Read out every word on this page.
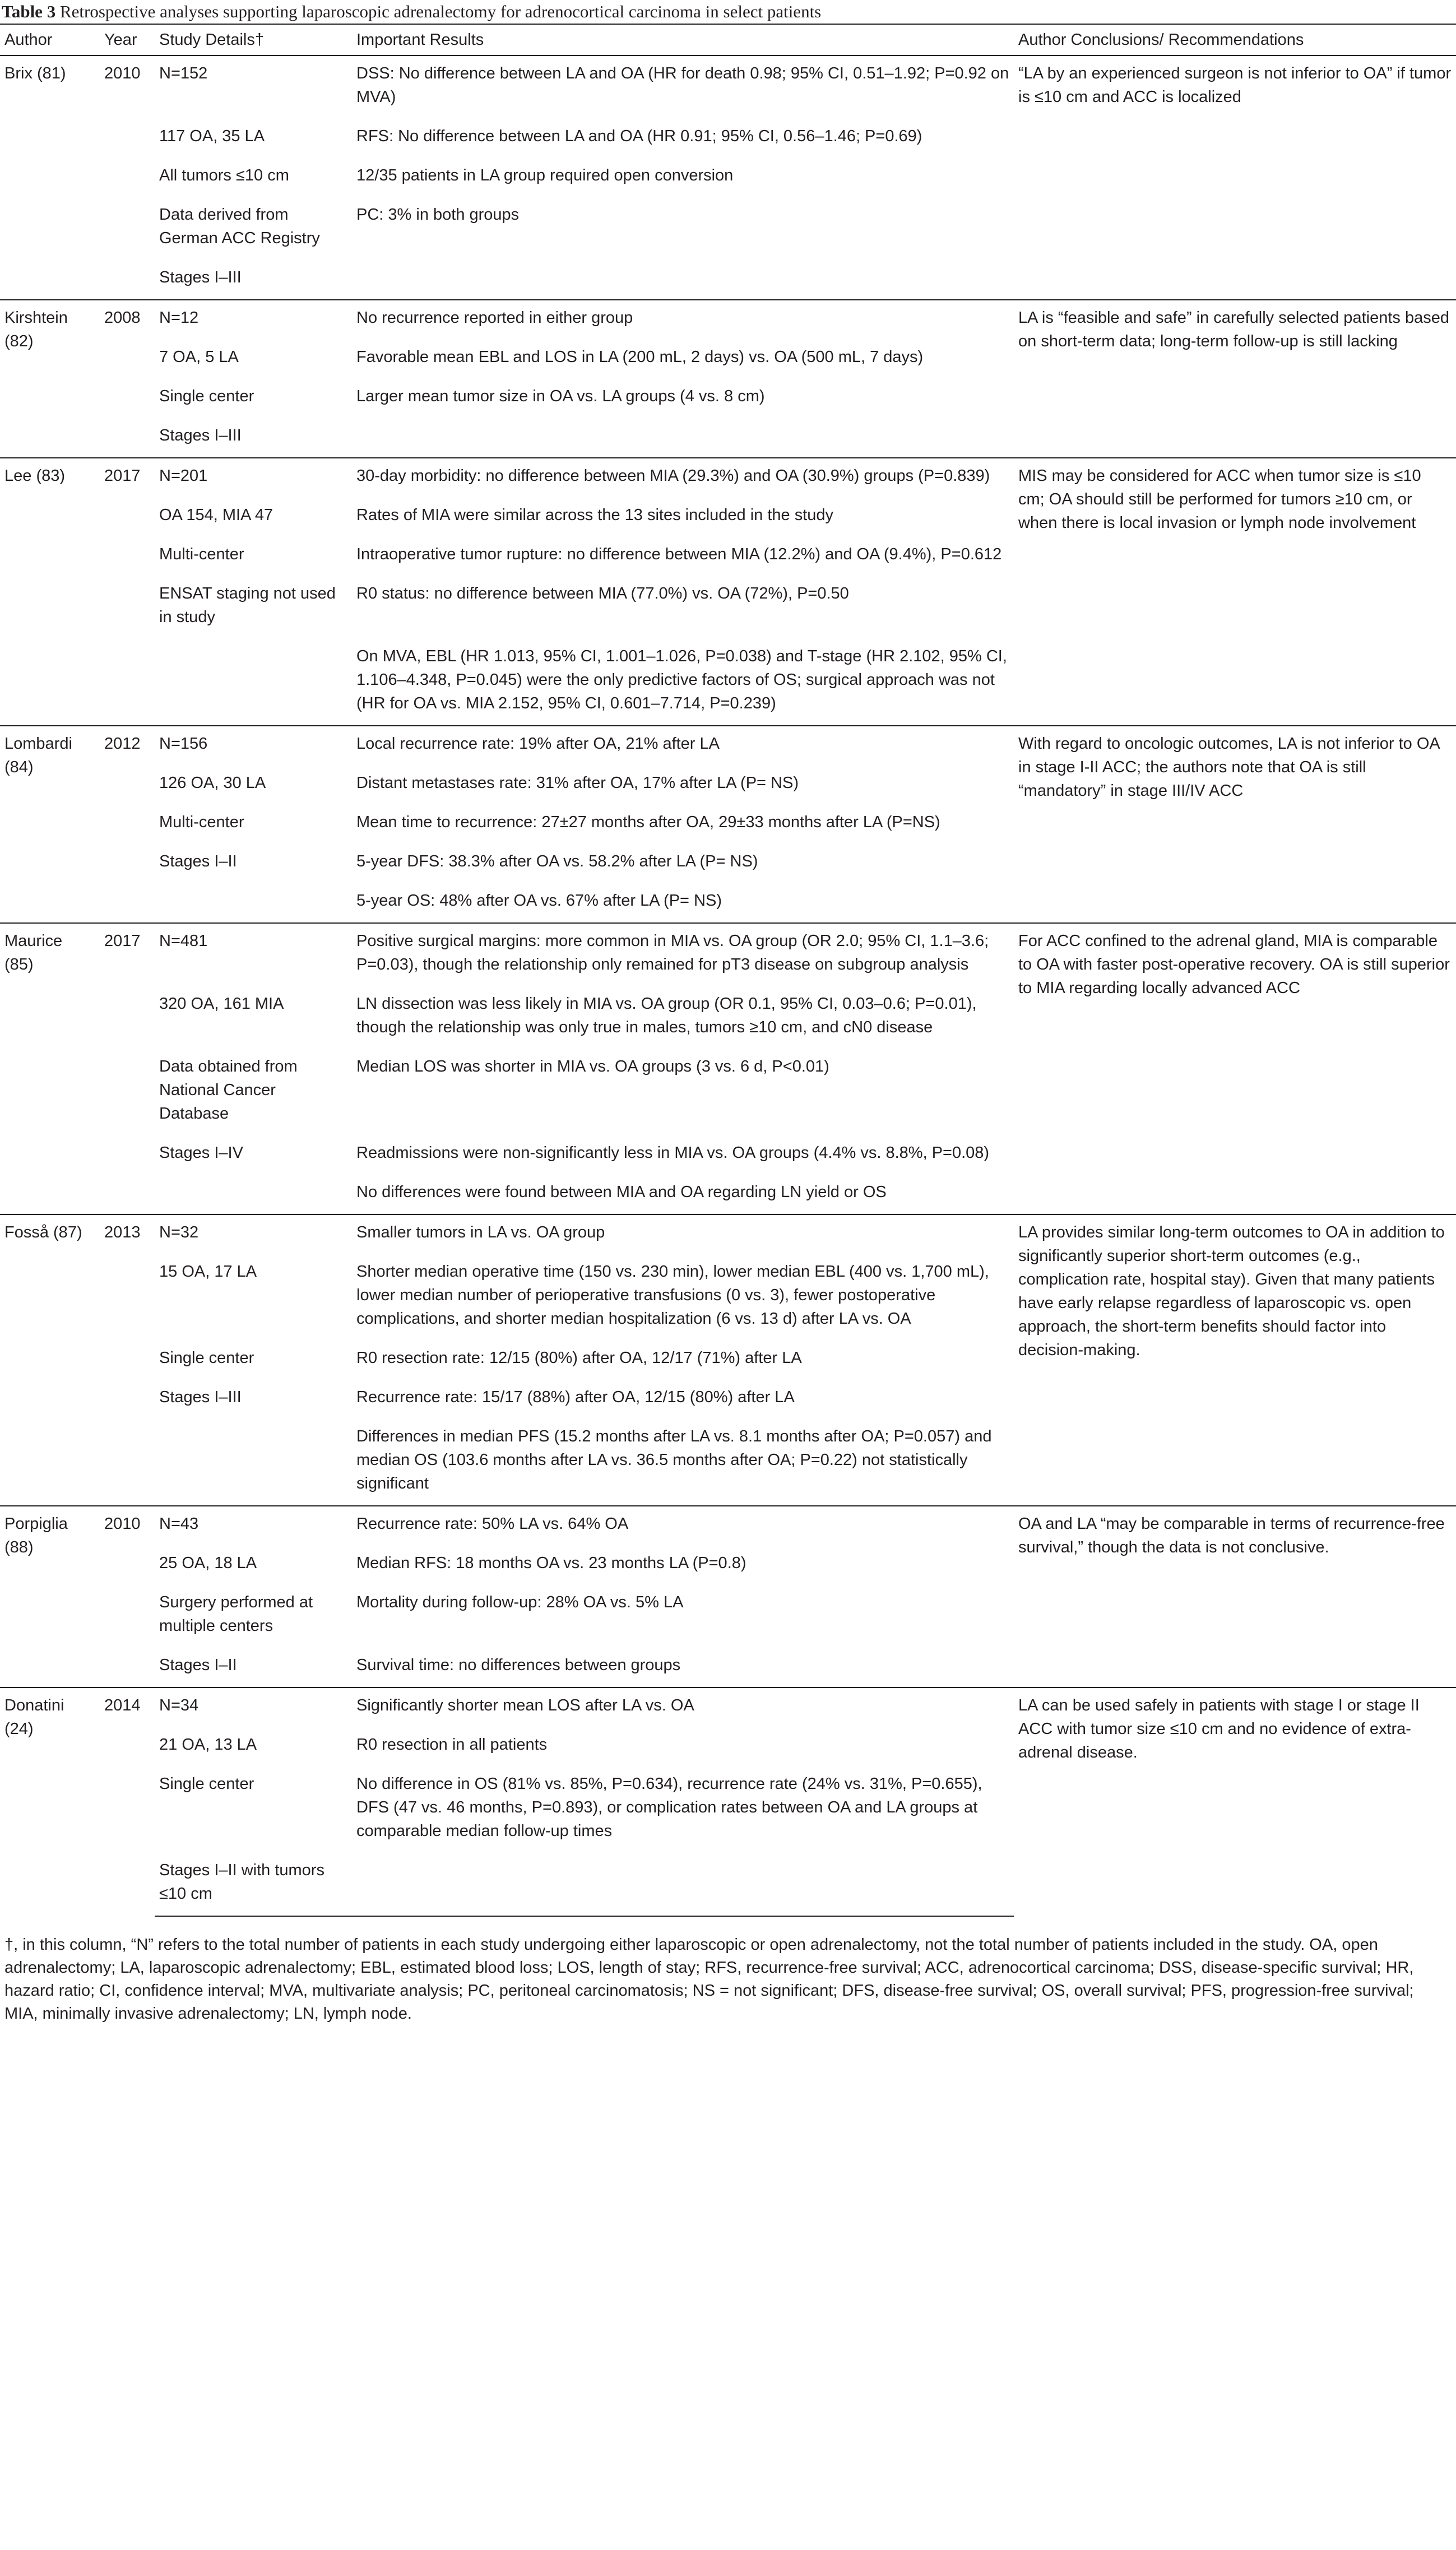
Table 3 Retrospective analyses supporting laparoscopic adrenalectomy for adrenocortical carcinoma in select patients
Author	Year	Study Details†	Important Results	Author Conclusions/ Recommendations
Brix (81)	2010	N=152	DSS: No difference between LA and OA (HR for death 0.98; 95% CI, 0.51–1.92; P=0.92 on MVA)	“LA by an experienced surgeon is not inferior to OA” if tumor is ≤10 cm and ACC is localized
		117 OA, 35 LA	RFS: No difference between LA and OA (HR 0.91; 95% CI, 0.56–1.46; P=0.69)	
		All tumors ≤10 cm	12/35 patients in LA group required open conversion	
		Data derived from German ACC Registry	PC: 3% in both groups	
		Stages I–III		
Kirshtein (82)	2008	N=12	No recurrence reported in either group	LA is “feasible and safe” in carefully selected patients based on short-term data; long-term follow-up is still lacking
		7 OA, 5 LA	Favorable mean EBL and LOS in LA (200 mL, 2 days) vs. OA (500 mL, 7 days)	
		Single center	Larger mean tumor size in OA vs. LA groups (4 vs. 8 cm)	
		Stages I–III		
Lee (83)	2017	N=201	30-day morbidity: no difference between MIA (29.3%) and OA (30.9%) groups (P=0.839)	MIS may be considered for ACC when tumor size is ≤10 cm; OA should still be performed for tumors ≥10 cm, or when there is local invasion or lymph node involvement
		OA 154, MIA 47	Rates of MIA were similar across the 13 sites included in the study	
		Multi-center	Intraoperative tumor rupture: no difference between MIA (12.2%) and OA (9.4%), P=0.612	
		ENSAT staging not used in study	R0 status: no difference between MIA (77.0%) vs. OA (72%), P=0.50	
			On MVA, EBL (HR 1.013, 95% CI, 1.001–1.026, P=0.038) and T-stage (HR 2.102, 95% CI, 1.106–4.348, P=0.045) were the only predictive factors of OS; surgical approach was not (HR for OA vs. MIA 2.152, 95% CI, 0.601–7.714, P=0.239)	
Lombardi (84)	2012	N=156	Local recurrence rate: 19% after OA, 21% after LA	With regard to oncologic outcomes, LA is not inferior to OA in stage I-II ACC; the authors note that OA is still “mandatory” in stage III/IV ACC
		126 OA, 30 LA	Distant metastases rate: 31% after OA, 17% after LA (P= NS)	
		Multi-center	Mean time to recurrence: 27±27 months after OA, 29±33 months after LA (P=NS)	
		Stages I–II	5-year DFS: 38.3% after OA vs. 58.2% after LA (P= NS)	
			5-year OS: 48% after OA vs. 67% after LA (P= NS)	
Maurice (85)	2017	N=481	Positive surgical margins: more common in MIA vs. OA group (OR 2.0; 95% CI, 1.1–3.6; P=0.03), though the relationship only remained for pT3 disease on subgroup analysis	For ACC confined to the adrenal gland, MIA is comparable to OA with faster post-operative recovery. OA is still superior to MIA regarding locally advanced ACC
		320 OA, 161 MIA	LN dissection was less likely in MIA vs. OA group (OR 0.1, 95% CI, 0.03–0.6; P=0.01), though the relationship was only true in males, tumors ≥10 cm, and cN0 disease	
		Data obtained from National Cancer Database	Median LOS was shorter in MIA vs. OA groups (3 vs. 6 d, P<0.01)	
		Stages I–IV	Readmissions were non-significantly less in MIA vs. OA groups (4.4% vs. 8.8%, P=0.08)	
			No differences were found between MIA and OA regarding LN yield or OS	
Fosså (87)	2013	N=32	Smaller tumors in LA vs. OA group	LA provides similar long-term outcomes to OA in addition to significantly superior short-term outcomes (e.g., complication rate, hospital stay). Given that many patients have early relapse regardless of laparoscopic vs. open approach, the short-term benefits should factor into decision-making.
		15 OA, 17 LA	Shorter median operative time (150 vs. 230 min), lower median EBL (400 vs. 1,700 mL), lower median number of perioperative transfusions (0 vs. 3), fewer postoperative complications, and shorter median hospitalization (6 vs. 13 d) after LA vs. OA	
		Single center	R0 resection rate: 12/15 (80%) after OA, 12/17 (71%) after LA	
		Stages I–III	Recurrence rate: 15/17 (88%) after OA, 12/15 (80%) after LA	
			Differences in median PFS (15.2 months after LA vs. 8.1 months after OA; P=0.057) and median OS (103.6 months after LA vs. 36.5 months after OA; P=0.22) not statistically significant	
Porpiglia (88)	2010	N=43	Recurrence rate: 50% LA vs. 64% OA	OA and LA “may be comparable in terms of recurrence-free survival,” though the data is not conclusive.
		25 OA, 18 LA	Median RFS: 18 months OA vs. 23 months LA (P=0.8)	
		Surgery performed at multiple centers	Mortality during follow-up: 28% OA vs. 5% LA	
		Stages I–II	Survival time: no differences between groups	
Donatini (24)	2014	N=34	Significantly shorter mean LOS after LA vs. OA	LA can be used safely in patients with stage I or stage II ACC with tumor size ≤10 cm and no evidence of extra-adrenal disease.
		21 OA, 13 LA	R0 resection in all patients	
		Single center	No difference in OS (81% vs. 85%, P=0.634), recurrence rate (24% vs. 31%, P=0.655), DFS (47 vs. 46 months, P=0.893), or complication rates between OA and LA groups at comparable median follow-up times	
		Stages I–II with tumors ≤10 cm		
†, in this column, “N” refers to the total number of patients in each study undergoing either laparoscopic or open adrenalectomy, not the total number of patients included in the study. OA, open adrenalectomy; LA, laparoscopic adrenalectomy; EBL, estimated blood loss; LOS, length of stay; RFS, recurrence-free survival; ACC, adrenocortical carcinoma; DSS, disease-specific survival; HR, hazard ratio; CI, confidence interval; MVA, multivariate analysis; PC, peritoneal carcinomatosis; NS = not significant; DFS, disease-free survival; OS, overall survival; PFS, progression-free survival; MIA, minimally invasive adrenalectomy; LN, lymph node.
